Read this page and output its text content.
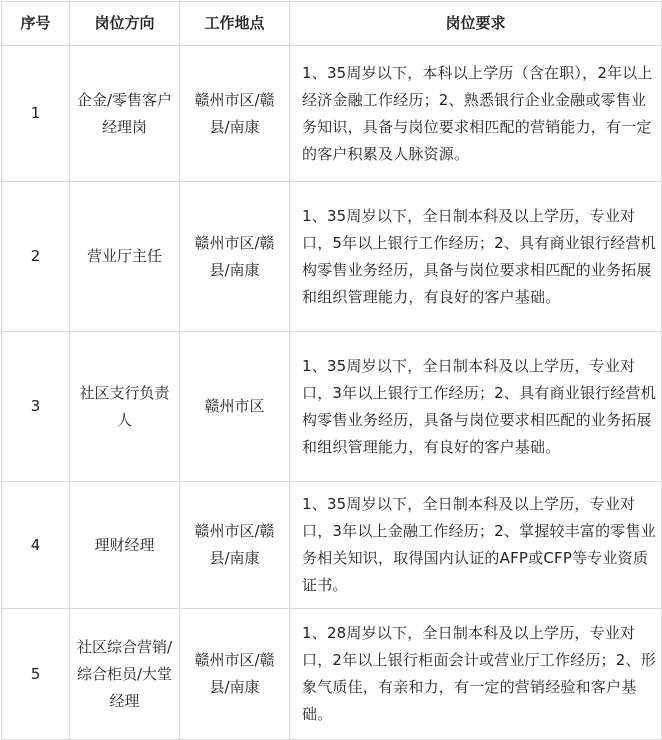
序号	岗位方向	工作地点	岗位要求
1	企金/零售客户经理岗	赣州市区/赣县/南康	1、35周岁以下，本科以上学历（含在职），2年以上经济金融工作经历；2、熟悉银行企业金融或零售业务知识，具备与岗位要求相匹配的营销能力，有一定的客户积累及人脉资源。
2	营业厅主任	赣州市区/赣县/南康	1、35周岁以下，全日制本科及以上学历，专业对口，5年以上银行工作经历；2、具有商业银行经营机构零售业务经历，具备与岗位要求相匹配的业务拓展和组织管理能力，有良好的客户基础。
3	社区支行负责人	赣州市区	1、35周岁以下，全日制本科及以上学历，专业对口，3年以上银行工作经历；2、具有商业银行经营机构零售业务经历，具备与岗位要求相匹配的业务拓展和组织管理能力，有良好的客户基础。
4	理财经理	赣州市区/赣县/南康	1、35周岁以下，全日制本科及以上学历，专业对口，3年以上金融工作经历；2、掌握较丰富的零售业务相关知识，取得国内认证的AFP或CFP等专业资质证书。
5	社区综合营销/综合柜员/大堂经理	赣州市区/赣县/南康	1、28周岁以下，全日制本科及以上学历，专业对口，2年以上银行柜面会计或营业厅工作经历；2、形象气质佳，有亲和力，有一定的营销经验和客户基础。
